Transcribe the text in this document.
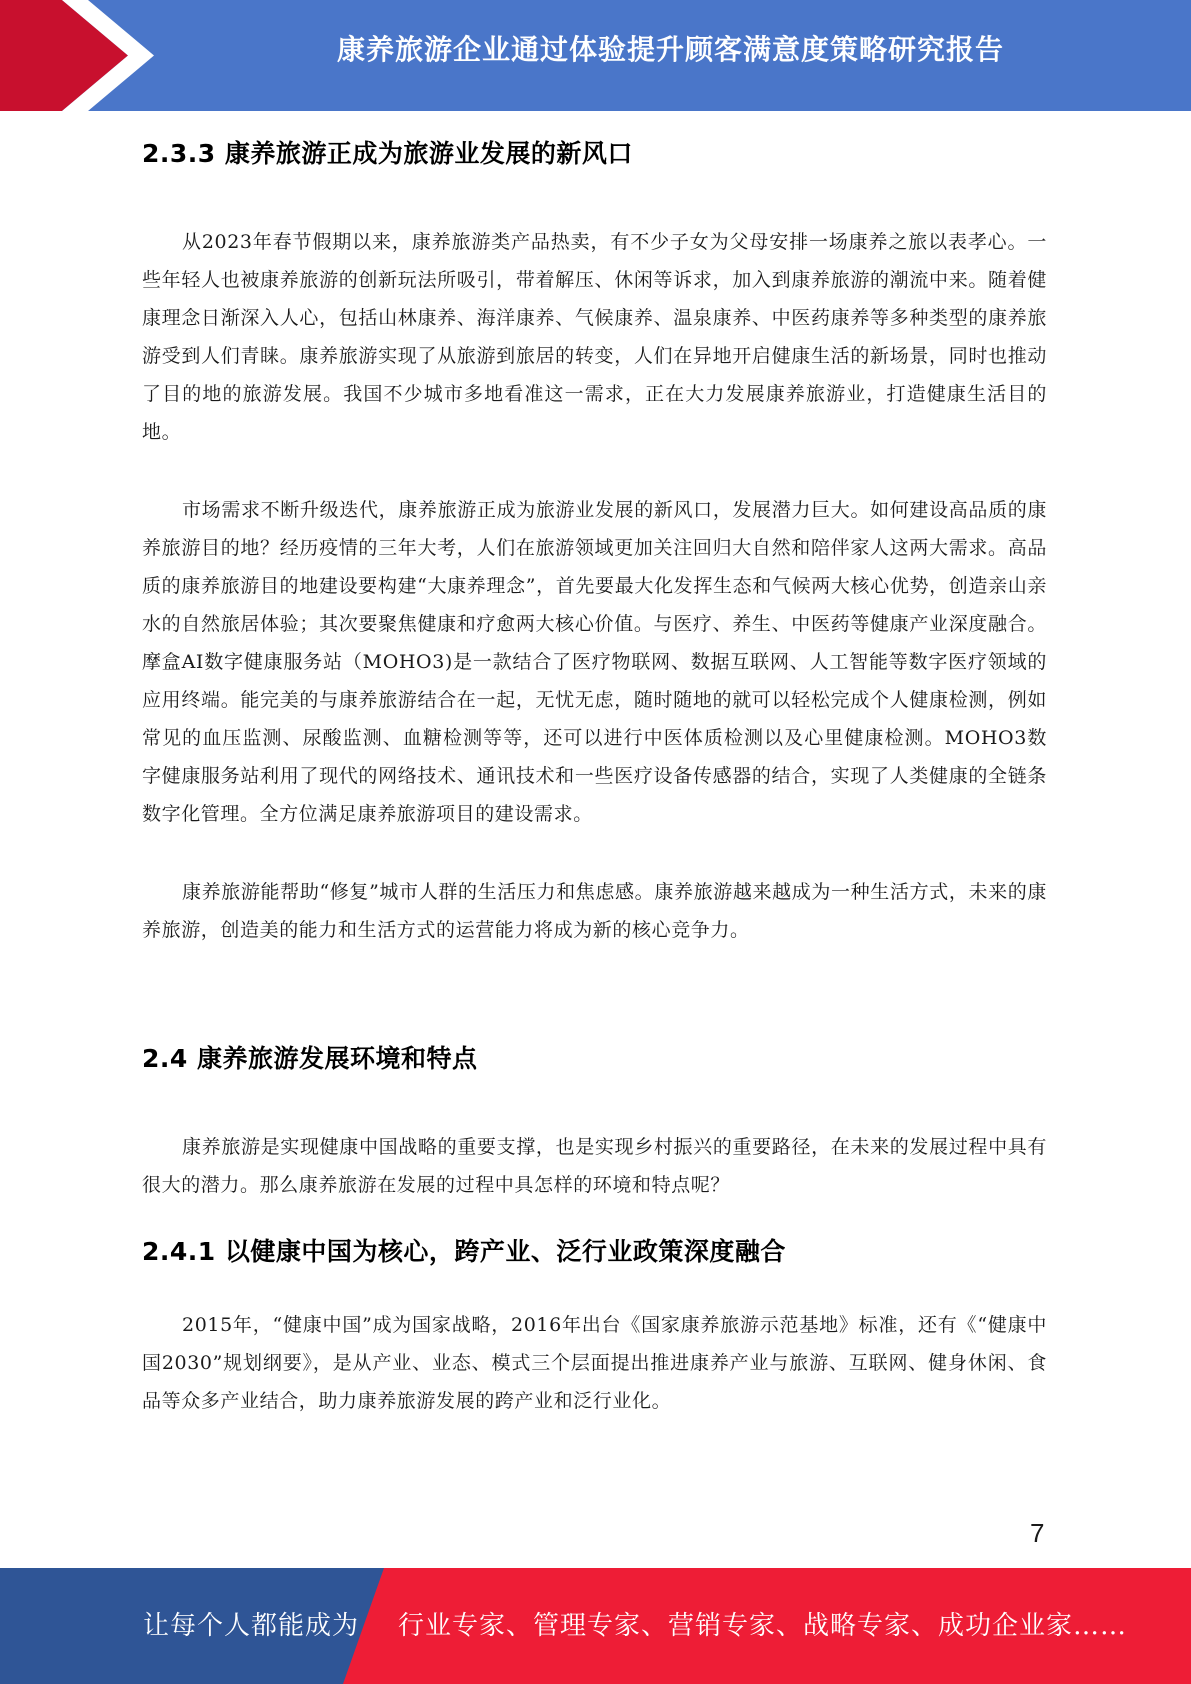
康养旅游企业通过体验提升顾客满意度策略研究报告
2.3.3 康养旅游正成为旅游业发展的新风口

从2023年春节假期以来，康养旅游类产品热卖，有不少子女为父母安排一场康养之旅以表孝心。一些年轻人也被康养旅游的创新玩法所吸引，带着解压、休闲等诉求，加入到康养旅游的潮流中来。随着健康理念日渐深入人心，包括山林康养、海洋康养、气候康养、温泉康养、中医药康养等多种类型的康养旅游受到人们青睐。康养旅游实现了从旅游到旅居的转变，人们在异地开启健康生活的新场景，同时也推动了目的地的旅游发展。我国不少城市多地看准这一需求，正在大力发展康养旅游业，打造健康生活目的地。

市场需求不断升级迭代，康养旅游正成为旅游业发展的新风口，发展潜力巨大。如何建设高品质的康养旅游目的地？经历疫情的三年大考，人们在旅游领域更加关注回归大自然和陪伴家人这两大需求。高品质的康养旅游目的地建设要构建“大康养理念”，首先要最大化发挥生态和气候两大核心优势，创造亲山亲水的自然旅居体验；其次要聚焦健康和疗愈两大核心价值。与医疗、养生、中医药等健康产业深度融合。摩盒AI数字健康服务站（MOHO3)是一款结合了医疗物联网、数据互联网、人工智能等数字医疗领域的应用终端。能完美的与康养旅游结合在一起，无忧无虑，随时随地的就可以轻松完成个人健康检测，例如常见的血压监测、尿酸监测、血糖检测等等，还可以进行中医体质检测以及心里健康检测。MOHO3数字健康服务站利用了现代的网络技术、通讯技术和一些医疗设备传感器的结合，实现了人类健康的全链条数字化管理。全方位满足康养旅游项目的建设需求。

康养旅游能帮助“修复”城市人群的生活压力和焦虑感。康养旅游越来越成为一种生活方式，未来的康养旅游，创造美的能力和生活方式的运营能力将成为新的核心竞争力。

2.4 康养旅游发展环境和特点

康养旅游是实现健康中国战略的重要支撑，也是实现乡村振兴的重要路径，在未来的发展过程中具有很大的潜力。那么康养旅游在发展的过程中具怎样的环境和特点呢？

2.4.1 以健康中国为核心，跨产业、泛行业政策深度融合

2015年，“健康中国”成为国家战略，2016年出台《国家康养旅游示范基地》标准，还有《“健康中国2030”规划纲要》，是从产业、业态、模式三个层面提出推进康养产业与旅游、互联网、健身休闲、食品等众多产业结合，助力康养旅游发展的跨产业和泛行业化。

7
让每个人都能成为 行业专家、管理专家、营销专家、战略专家、成功企业家……
